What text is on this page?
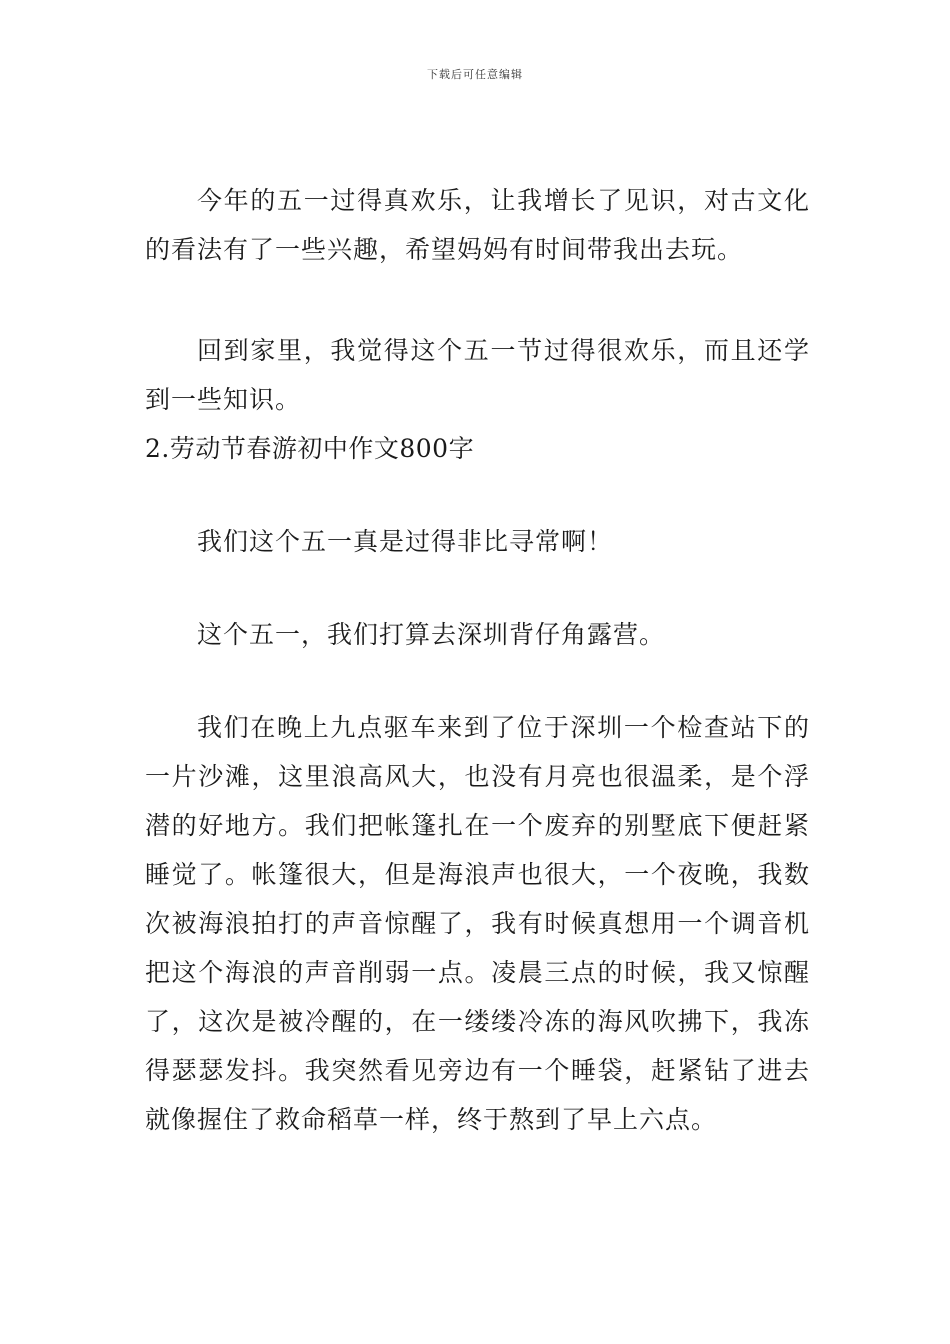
下载后可任意编辑

今年的五一过得真欢乐，让我增长了见识，对古文化的看法有了一些兴趣，希望妈妈有时间带我出去玩。

回到家里，我觉得这个五一节过得很欢乐，而且还学到一些知识。

2.劳动节春游初中作文800字

我们这个五一真是过得非比寻常啊！

这个五一，我们打算去深圳背仔角露营。

我们在晚上九点驱车来到了位于深圳一个检查站下的一片沙滩，这里浪高风大，也没有月亮也很温柔，是个浮潜的好地方。我们把帐篷扎在一个废弃的别墅底下便赶紧睡觉了。帐篷很大，但是海浪声也很大，一个夜晚，我数次被海浪拍打的声音惊醒了，我有时候真想用一个调音机把这个海浪的声音削弱一点。凌晨三点的时候，我又惊醒了，这次是被冷醒的，在一缕缕冷冻的海风吹拂下，我冻得瑟瑟发抖。我突然看见旁边有一个睡袋，赶紧钻了进去就像握住了救命稻草一样，终于熬到了早上六点。
